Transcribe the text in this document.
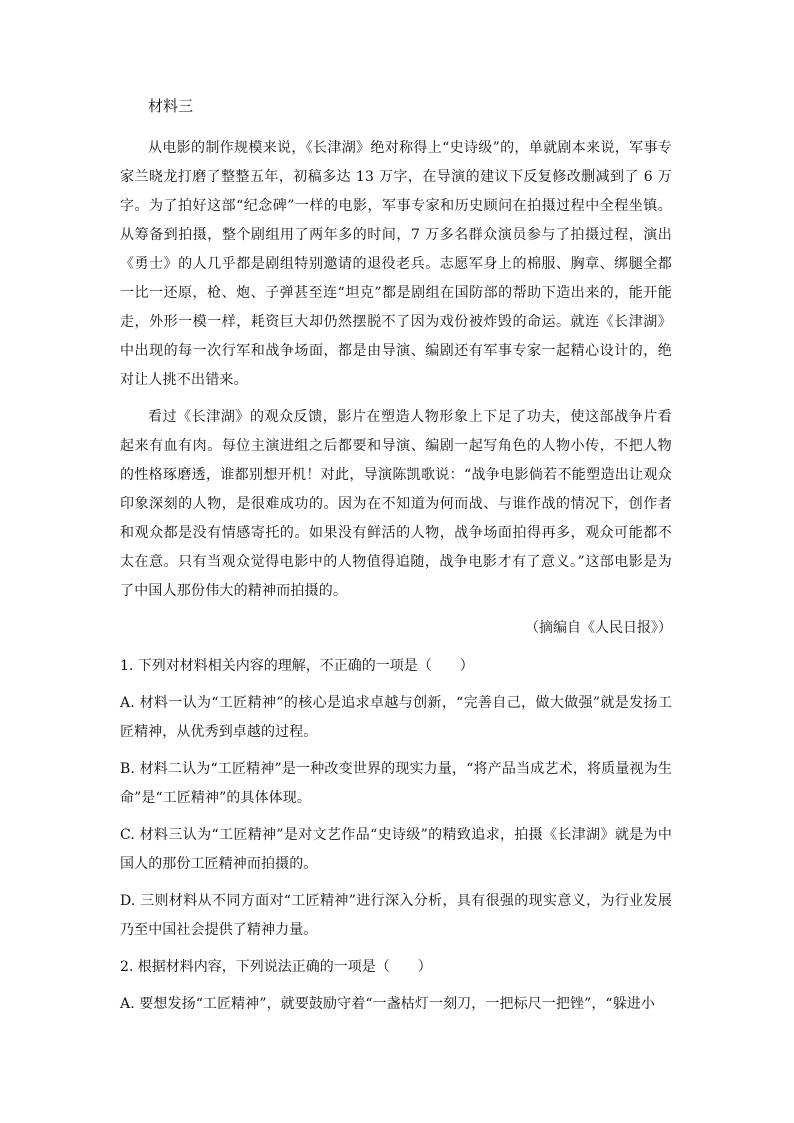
材料三

从电影的制作规模来说，《长津湖》绝对称得上“史诗级”的，单就剧本来说，军事专家兰晓龙打磨了整整五年，初稿多达 13 万字，在导演的建议下反复修改删减到了 6 万字。为了拍好这部“纪念碑”一样的电影，军事专家和历史顾问在拍摄过程中全程坐镇。从筹备到拍摄，整个剧组用了两年多的时间，7 万多名群众演员参与了拍摄过程，演出《勇士》的人几乎都是剧组特别邀请的退役老兵。志愿军身上的棉服、胸章、绑腿全都一比一还原，枪、炮、子弹甚至连“坦克”都是剧组在国防部的帮助下造出来的，能开能走，外形一模一样，耗资巨大却仍然摆脱不了因为戏份被炸毁的命运。就连《长津湖》中出现的每一次行军和战争场面，都是由导演、编剧还有军事专家一起精心设计的，绝对让人挑不出错来。

看过《长津湖》的观众反馈，影片在塑造人物形象上下足了功夫，使这部战争片看起来有血有肉。每位主演进组之后都要和导演、编剧一起写角色的人物小传，不把人物的性格琢磨透，谁都别想开机！对此，导演陈凯歌说：“战争电影倘若不能塑造出让观众印象深刻的人物，是很难成功的。因为在不知道为何而战、与谁作战的情况下，创作者和观众都是没有情感寄托的。如果没有鲜活的人物，战争场面拍得再多，观众可能都不太在意。只有当观众觉得电影中的人物值得追随，战争电影才有了意义。”这部电影是为了中国人那份伟大的精神而拍摄的。

（摘编自《人民日报》）

1. 下列对材料相关内容的理解，不正确的一项是（　　）

A. 材料一认为“工匠精神”的核心是追求卓越与创新，“完善自己，做大做强”就是发扬工匠精神，从优秀到卓越的过程。

B. 材料二认为“工匠精神”是一种改变世界的现实力量，“将产品当成艺术，将质量视为生命”是“工匠精神”的具体体现。

C. 材料三认为“工匠精神”是对文艺作品“史诗级”的精致追求，拍摄《长津湖》就是为中国人的那份工匠精神而拍摄的。

D. 三则材料从不同方面对“工匠精神”进行深入分析，具有很强的现实意义，为行业发展乃至中国社会提供了精神力量。

2. 根据材料内容，下列说法正确的一项是（　　）

A. 要想发扬“工匠精神”，就要鼓励守着“一盏枯灯一刻刀，一把标尺一把锉”，“躲进小
